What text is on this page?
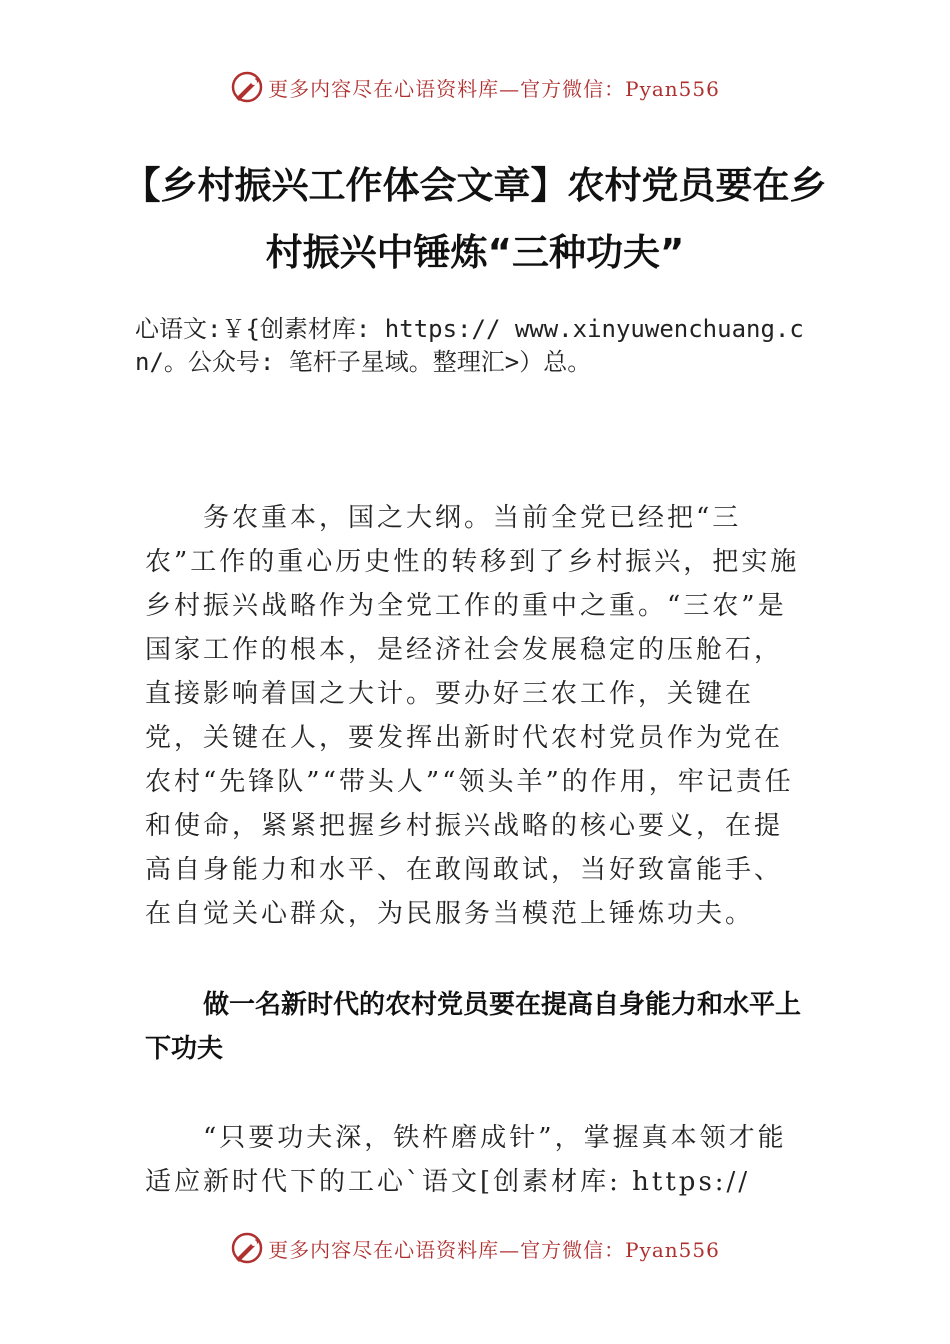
更多内容尽在心语资料库—官方微信：Pyan556
【乡村振兴工作体会文章】农村党员要在乡村振兴中锤炼“三种功夫”
心语文:￥{创素材库: https:// www.xinyuwenchuang.cn/。公众号: 笔杆子星域。整理汇>）总。

务农重本，国之大纲。当前全党已经把“三农”工作的重心历史性的转移到了乡村振兴，把实施乡村振兴战略作为全党工作的重中之重。“三农”是国家工作的根本，是经济社会发展稳定的压舱石，直接影响着国之大计。要办好三农工作，关键在党，关键在人，要发挥出新时代农村党员作为党在农村“先锋队”“带头人”“领头羊”的作用，牢记责任和使命，紧紧把握乡村振兴战略的核心要义，在提高自身能力和水平、在敢闯敢试，当好致富能手、在自觉关心群众，为民服务当模范上锤炼功夫。

做一名新时代的农村党员要在提高自身能力和水平上下功夫

“只要功夫深，铁杵磨成针”，掌握真本领才能适应新时代下的工心`语文[创素材库: https://

更多内容尽在心语资料库—官方微信：Pyan556
